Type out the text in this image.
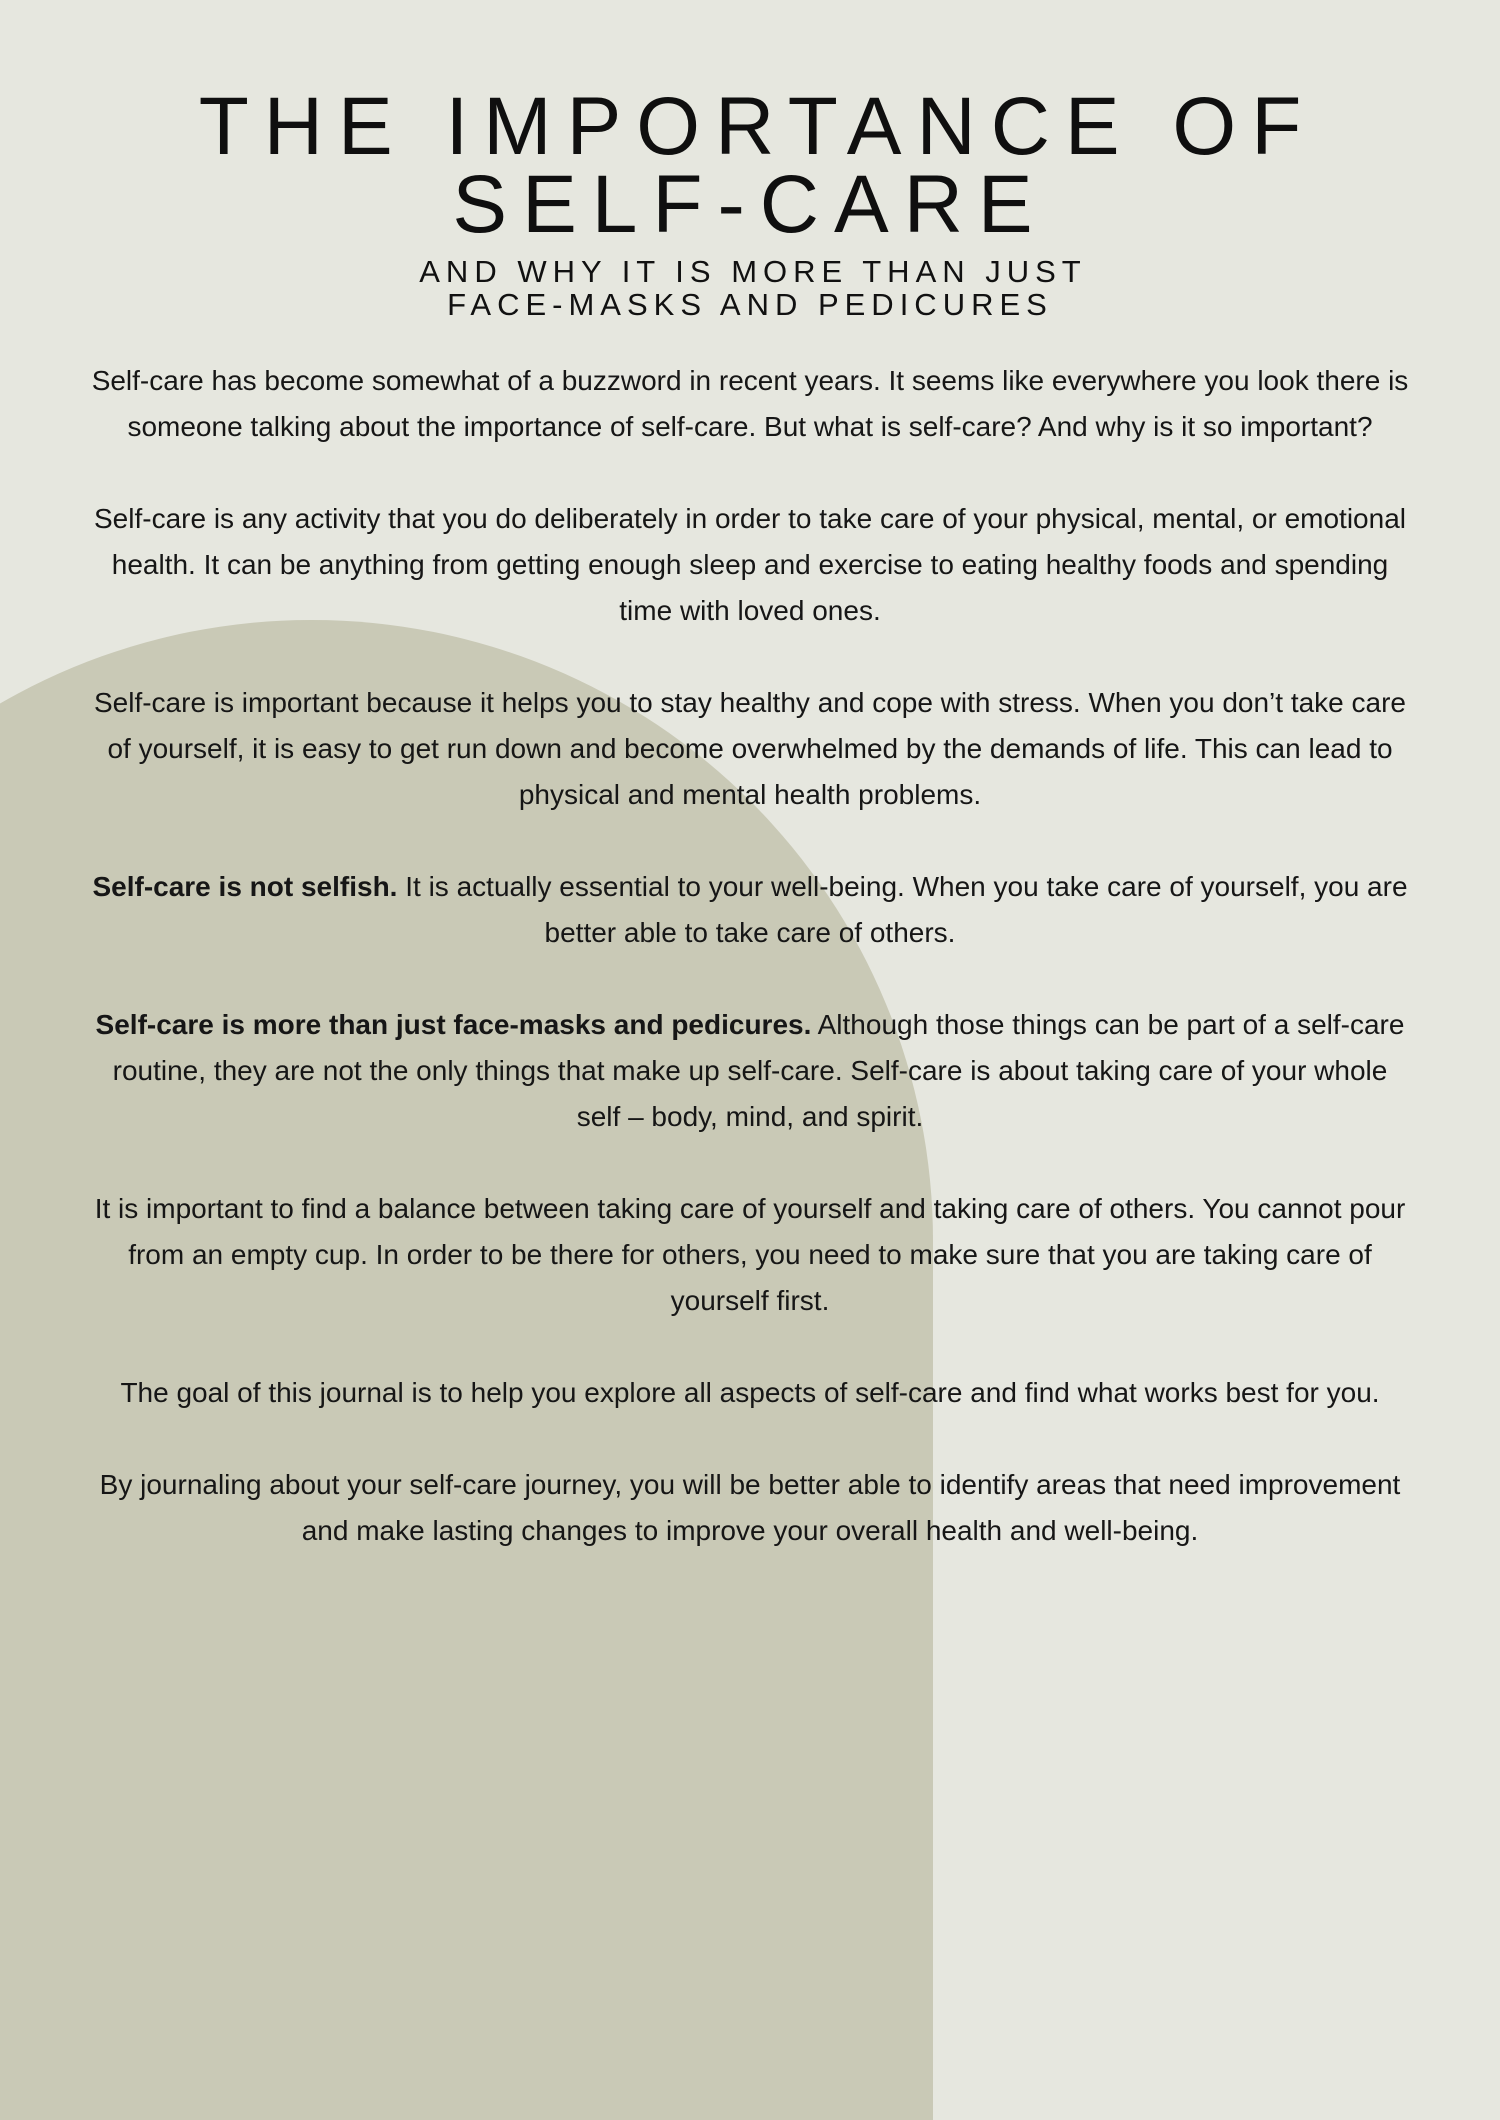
THE IMPORTANCE OF
SELF-CARE
AND WHY IT IS MORE THAN JUST
FACE-MASKS AND PEDICURES

Self-care has become somewhat of a buzzword in recent years. It seems like everywhere you look there is someone talking about the importance of self-care. But what is self-care? And why is it so important?

Self-care is any activity that you do deliberately in order to take care of your physical, mental, or emotional health. It can be anything from getting enough sleep and exercise to eating healthy foods and spending time with loved ones.

Self-care is important because it helps you to stay healthy and cope with stress. When you don’t take care of yourself, it is easy to get run down and become overwhelmed by the demands of life. This can lead to physical and mental health problems.

Self-care is not selfish. It is actually essential to your well-being. When you take care of yourself, you are better able to take care of others.

Self-care is more than just face-masks and pedicures. Although those things can be part of a self-care routine, they are not the only things that make up self-care. Self-care is about taking care of your whole self – body, mind, and spirit.

It is important to find a balance between taking care of yourself and taking care of others. You cannot pour from an empty cup. In order to be there for others, you need to make sure that you are taking care of yourself first.

The goal of this journal is to help you explore all aspects of self-care and find what works best for you.

By journaling about your self-care journey, you will be better able to identify areas that need improvement and make lasting changes to improve your overall health and well-being.
